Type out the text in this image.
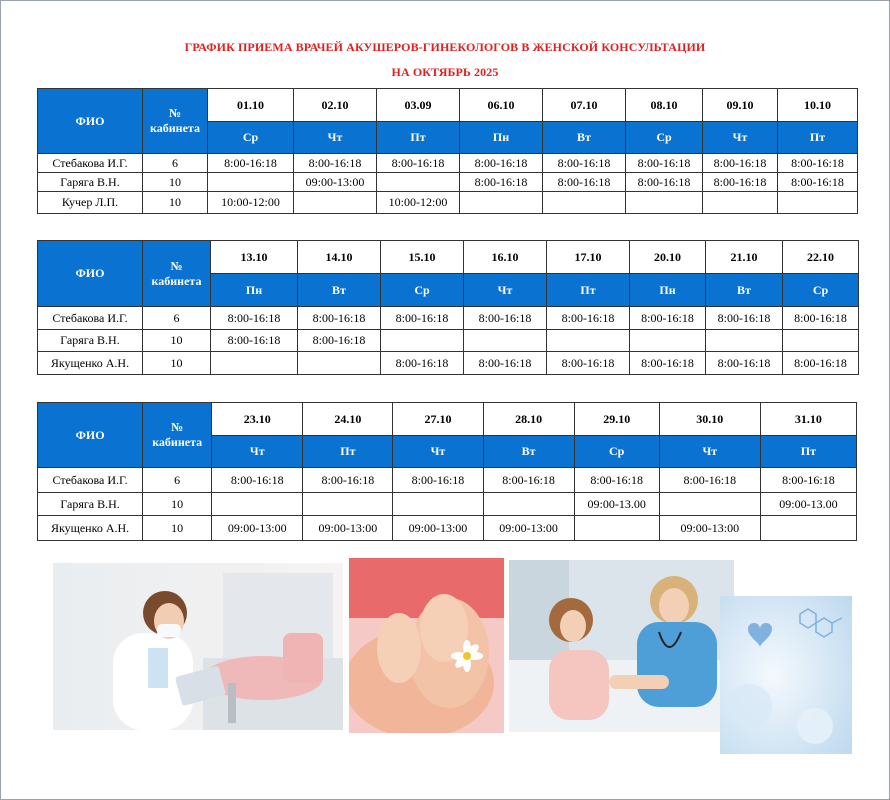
ГРАФИК ПРИЕМА ВРАЧЕЙ АКУШЕРОВ-ГИНЕКОЛОГОВ В ЖЕНСКОЙ КОНСУЛЬТАЦИИ
НА ОКТЯБРЬ 2025
ФИО	№
кабинета	01.10	02.10	03.09	06.10	07.10	08.10	09.10	10.10
		Ср	Чт	Пт	Пн	Вт	Ср	Чт	Пт
Стебакова И.Г.	6	8:00-16:18	8:00-16:18	8:00-16:18	8:00-16:18	8:00-16:18	8:00-16:18	8:00-16:18	8:00-16:18
Гаряга В.Н.	10		09:00-13:00		8:00-16:18	8:00-16:18	8:00-16:18	8:00-16:18	8:00-16:18
Кучер Л.П.	10	10:00-12:00		10:00-12:00					
ФИО	№
кабинета	13.10	14.10	15.10	16.10	17.10	20.10	21.10	22.10
		Пн	Вт	Ср	Чт	Пт	Пн	Вт	Ср
Стебакова И.Г.	6	8:00-16:18	8:00-16:18	8:00-16:18	8:00-16:18	8:00-16:18	8:00-16:18	8:00-16:18	8:00-16:18
Гаряга В.Н.	10	8:00-16:18	8:00-16:18						
Якущенко А.Н.	10			8:00-16:18	8:00-16:18	8:00-16:18	8:00-16:18	8:00-16:18	8:00-16:18
ФИО	№
кабинета	23.10	24.10	27.10	28.10	29.10	30.10	31.10
		Чт	Пт	Чт	Вт	Ср	Чт	Пт
Стебакова И.Г.	6	8:00-16:18	8:00-16:18	8:00-16:18	8:00-16:18	8:00-16:18	8:00-16:18	8:00-16:18
Гаряга В.Н.	10					09:00-13.00		09:00-13.00
Якущенко А.Н.	10	09:00-13:00	09:00-13:00	09:00-13:00	09:00-13:00		09:00-13:00	
